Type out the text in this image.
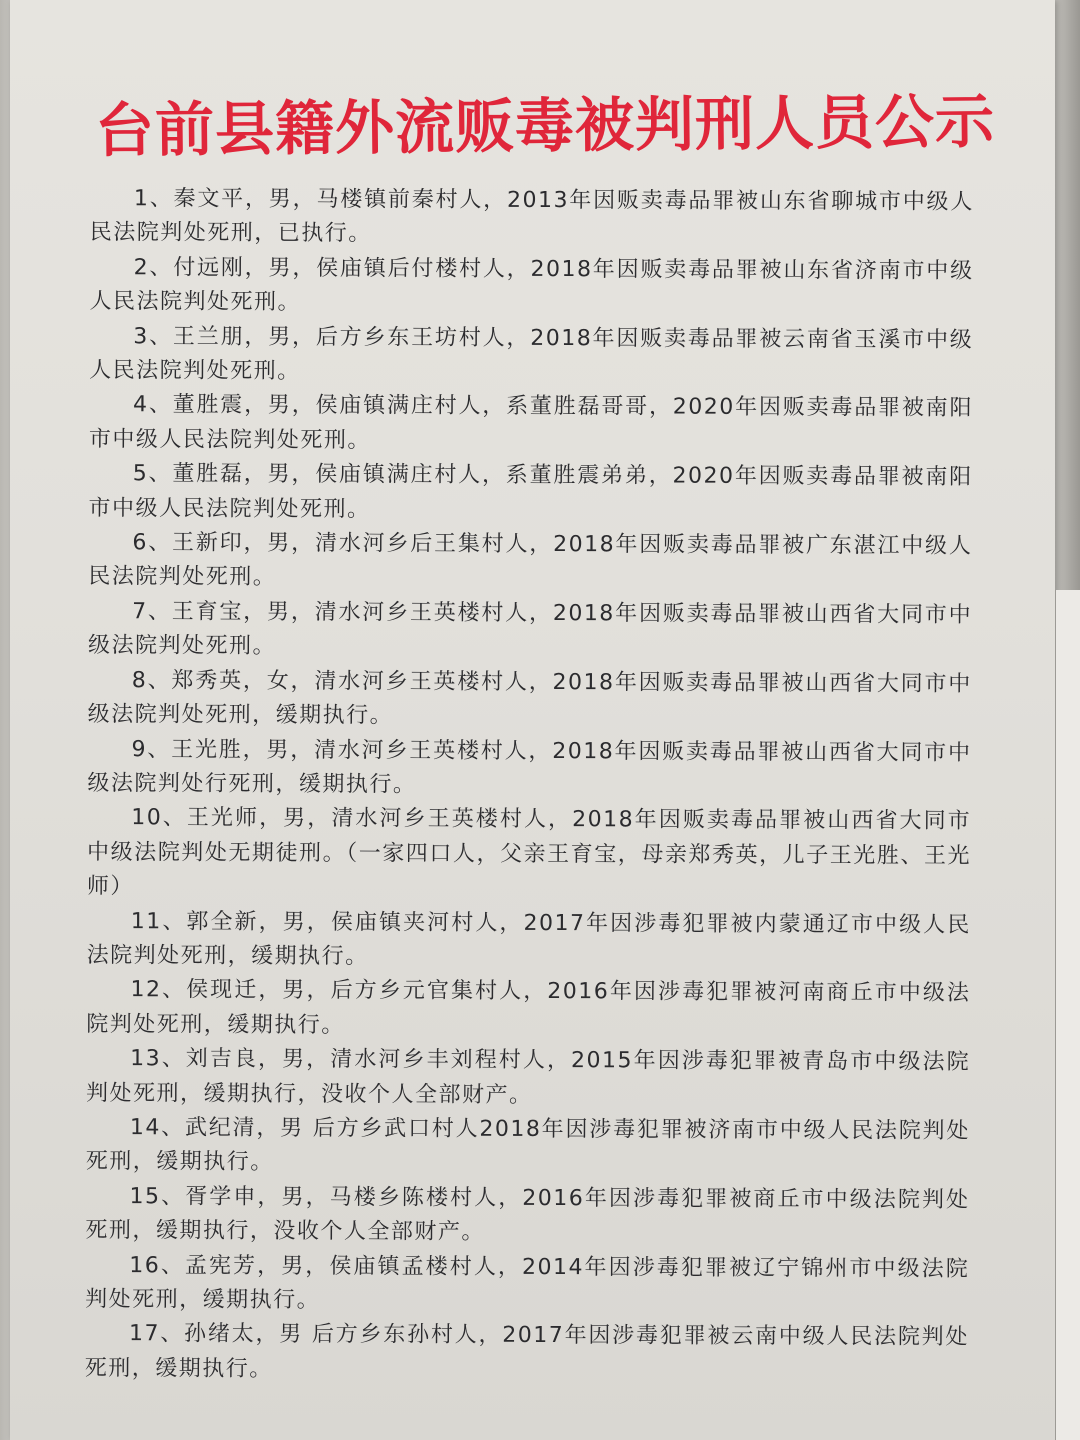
台前县籍外流贩毒被判刑人员公示

1、秦文平，男，马楼镇前秦村人，2013年因贩卖毒品罪被山东省聊城市中级人民法院判处死刑，已执行。

2、付远刚，男，侯庙镇后付楼村人，2018年因贩卖毒品罪被山东省济南市中级人民法院判处死刑。

3、王兰朋，男，后方乡东王坊村人，2018年因贩卖毒品罪被云南省玉溪市中级人民法院判处死刑。

4、董胜震，男，侯庙镇满庄村人，系董胜磊哥哥，2020年因贩卖毒品罪被南阳市中级人民法院判处死刑。

5、董胜磊，男，侯庙镇满庄村人，系董胜震弟弟，2020年因贩卖毒品罪被南阳市中级人民法院判处死刑。

6、王新印，男，清水河乡后王集村人，2018年因贩卖毒品罪被广东湛江中级人民法院判处死刑。

7、王育宝，男，清水河乡王英楼村人，2018年因贩卖毒品罪被山西省大同市中级法院判处死刑。

8、郑秀英，女，清水河乡王英楼村人，2018年因贩卖毒品罪被山西省大同市中级法院判处死刑，缓期执行。

9、王光胜，男，清水河乡王英楼村人，2018年因贩卖毒品罪被山西省大同市中级法院判处行死刑，缓期执行。

10、王光师，男，清水河乡王英楼村人，2018年因贩卖毒品罪被山西省大同市中级法院判处无期徒刑。（一家四口人，父亲王育宝，母亲郑秀英，儿子王光胜、王光师）

11、郭全新，男，侯庙镇夹河村人，2017年因涉毒犯罪被内蒙通辽市中级人民法院判处死刑，缓期执行。

12、侯现迁，男，后方乡元官集村人，2016年因涉毒犯罪被河南商丘市中级法院判处死刑，缓期执行。

13、刘吉良，男，清水河乡丰刘程村人，2015年因涉毒犯罪被青岛市中级法院判处死刑，缓期执行，没收个人全部财产。

14、武纪清，男 后方乡武口村人2018年因涉毒犯罪被济南市中级人民法院判处死刑，缓期执行。

15、胥学申，男，马楼乡陈楼村人，2016年因涉毒犯罪被商丘市中级法院判处死刑，缓期执行，没收个人全部财产。

16、孟宪芳，男，侯庙镇孟楼村人，2014年因涉毒犯罪被辽宁锦州市中级法院判处死刑，缓期执行。

17、孙绪太，男 后方乡东孙村人，2017年因涉毒犯罪被云南中级人民法院判处死刑，缓期执行。
